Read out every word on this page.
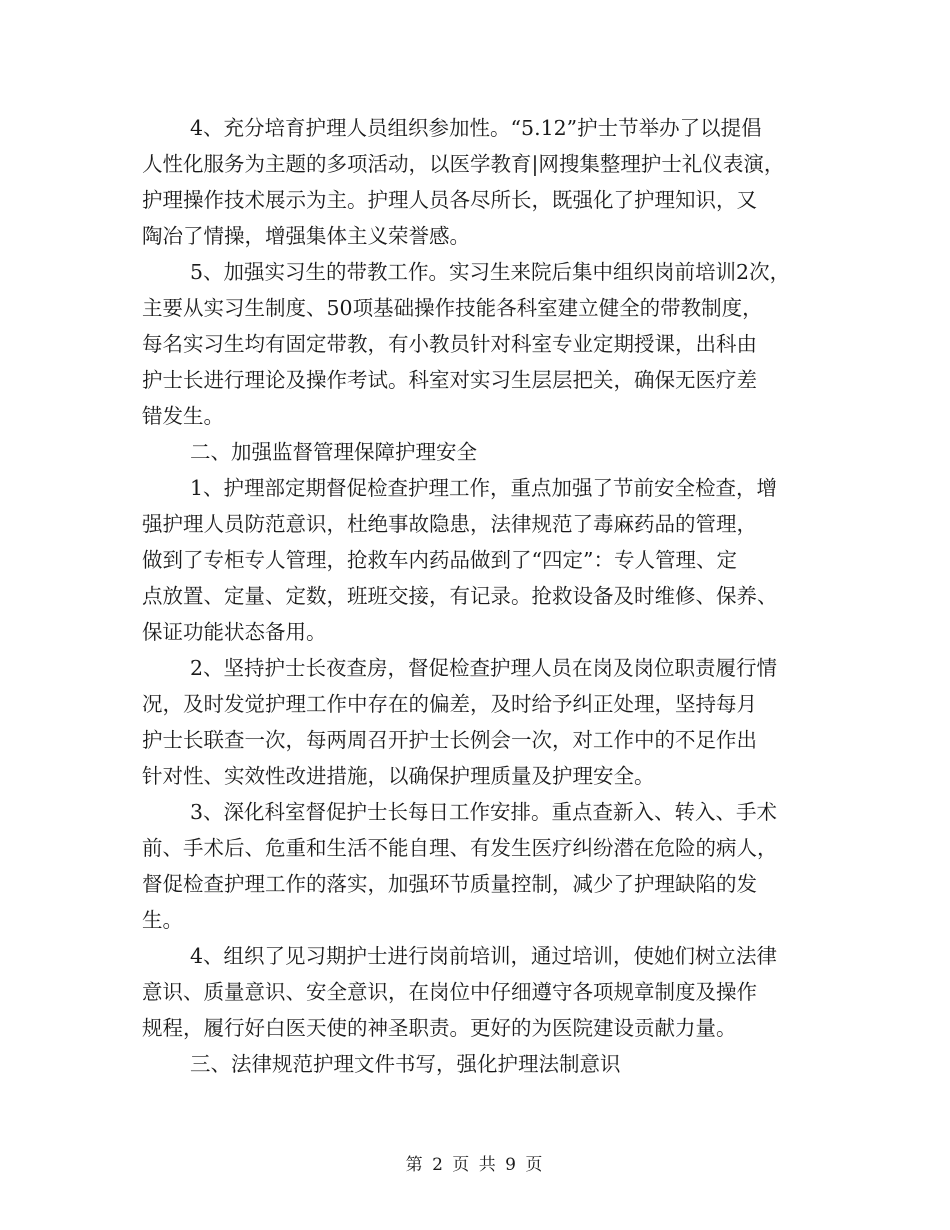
4、充分培育护理人员组织参加性。“5.12”护士节举办了以提倡
人性化服务为主题的多项活动，以医学教育|网搜集整理护士礼仪表演，
护理操作技术展示为主。护理人员各尽所长，既强化了护理知识，又
陶冶了情操，增强集体主义荣誉感。
5、加强实习生的带教工作。实习生来院后集中组织岗前培训2次，
主要从实习生制度、50项基础操作技能各科室建立健全的带教制度，
每名实习生均有固定带教，有小教员针对科室专业定期授课，出科由
护士长进行理论及操作考试。科室对实习生层层把关，确保无医疗差
错发生。
二、加强监督管理保障护理安全
1、护理部定期督促检查护理工作，重点加强了节前安全检查，增
强护理人员防范意识，杜绝事故隐患，法律规范了毒麻药品的管理，
做到了专柜专人管理，抢救车内药品做到了“四定”：专人管理、定
点放置、定量、定数，班班交接，有记录。抢救设备及时维修、保养、
保证功能状态备用。
2、坚持护士长夜查房，督促检查护理人员在岗及岗位职责履行情
况，及时发觉护理工作中存在的偏差，及时给予纠正处理，坚持每月
护士长联查一次，每两周召开护士长例会一次，对工作中的不足作出
针对性、实效性改进措施，以确保护理质量及护理安全。
3、深化科室督促护士长每日工作安排。重点查新入、转入、手术
前、手术后、危重和生活不能自理、有发生医疗纠纷潜在危险的病人，
督促检查护理工作的落实，加强环节质量控制，减少了护理缺陷的发
生。
4、组织了见习期护士进行岗前培训，通过培训，使她们树立法律
意识、质量意识、安全意识，在岗位中仔细遵守各项规章制度及操作
规程，履行好白医天使的神圣职责。更好的为医院建设贡献力量。
三、法律规范护理文件书写，强化护理法制意识
第 2 页 共 9 页
